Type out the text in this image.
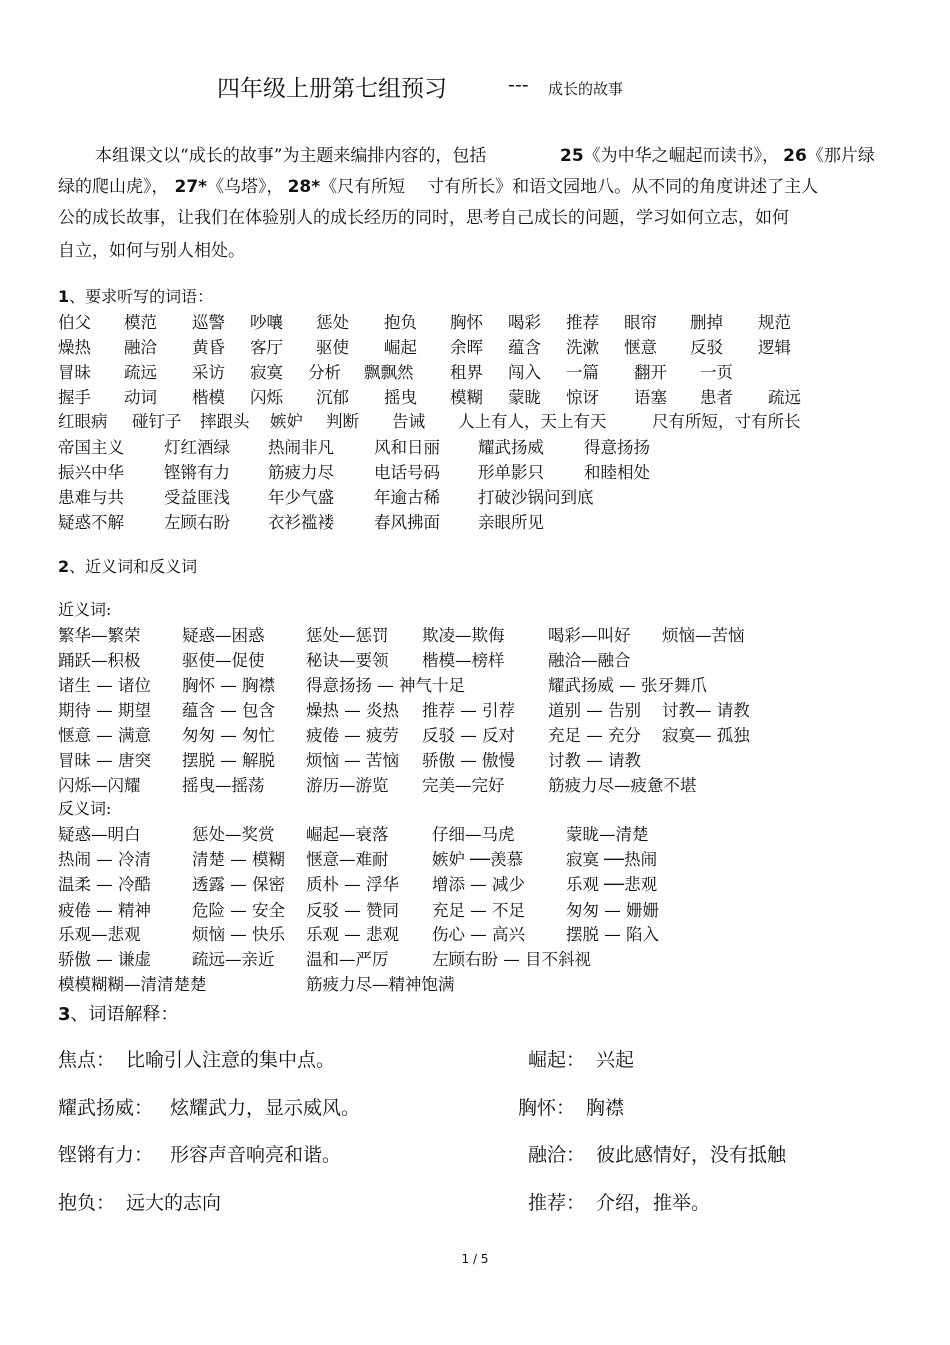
四年级上册第七组预习	--- 成长的故事
本组课文以“成长的故事”为主题来编排内容的，包括	25《为中华之崛起而读书》， 26《那片绿
绿的爬山虎》， 27*《乌塔》， 28*《尺有所短 寸有所长》和语文园地八。从不同的角度讲述了主人
公的成长故事，让我们在体验别人的成长经历的同时，思考自己成长的问题，学习如何立志，如何
自立，如何与别人相处。
1、要求听写的词语：
伯父 模范 巡警 吵嚷 惩处 抱负 胸怀 喝彩 推荐 眼帘 删掉 规范
燥热 融洽 黄昏 客厅 驱使 崛起 余晖 蕴含 洗漱 惬意 反驳 逻辑
冒昧 疏远 采访 寂寞 分析 飘飘然 租界 闯入 一篇 翻开 一页
握手 动词 楷模 闪烁 沉郁 摇曳 模糊 蒙眬 惊讶 语塞 患者 疏远
红眼病 碰钉子 摔跟头 嫉妒 判断 告诫 人上有人，天上有天	尺有所短，寸有所长
帝国主义 灯红酒绿 热闹非凡 风和日丽 耀武扬威 得意扬扬
振兴中华 铿锵有力 筋疲力尽 电话号码 形单影只 和睦相处
患难与共 受益匪浅 年少气盛 年逾古稀 打破沙锅问到底
疑惑不解 左顾右盼 衣衫褴褛 春风拂面 亲眼所见
2、近义词和反义词
近义词:
繁华—繁荣	疑惑—困惑	惩处—惩罚 欺凌—欺侮	喝彩—叫好 烦恼—苦恼
踊跃—积极	驱使—促使	秘诀—要领 楷模—榜样	融洽—融合
诸生 — 诸位 胸怀 — 胸襟 得意扬扬 — 神气十足	耀武扬威 — 张牙舞爪
期待 — 期望 蕴含 — 包含 燥热 — 炎热 推荐 — 引荐 道别 — 告别 讨教— 请教
惬意 — 满意 匆匆 — 匆忙 疲倦 — 疲劳 反驳 — 反对 充足 — 充分 寂寞— 孤独
冒昧 — 唐突 摆脱 — 解脱 烦恼 — 苦恼 骄傲 — 傲慢 讨教 — 请教
闪烁—闪耀	摇曳—摇荡	游历—游览 完美—完好	筋疲力尽—疲惫不堪
反义词:
疑惑—明白	惩处—奖赏 崛起—衰落	仔细—马虎	蒙眬—清楚
热闹 — 冷清 清楚 — 模糊 惬意—难耐	嫉妒 ──羡慕	寂寞 ──热闹
温柔 — 冷酷 透露 — 保密 质朴 — 浮华 增添 — 减少 乐观 ──悲观
疲倦 — 精神 危险 — 安全 反驳 — 赞同 充足 — 不足 匆匆 — 姗姗
乐观—悲观	烦恼 — 快乐 乐观 — 悲观 伤心 — 高兴 摆脱 — 陷入
骄傲 — 谦虚 疏远—亲近 温和—严厉	左顾右盼 — 目不斜视
模模糊糊—清清楚楚	筋疲力尽—精神饱满
3、词语解释：
焦点： 比喻引人注意的集中点。	崛起： 兴起
耀武扬威： 炫耀武力，显示威风。	胸怀： 胸襟
铿锵有力： 形容声音响亮和谐。	融洽： 彼此感情好，没有抵触
抱负： 远大的志向	推荐： 介绍，推举。
1 / 5
